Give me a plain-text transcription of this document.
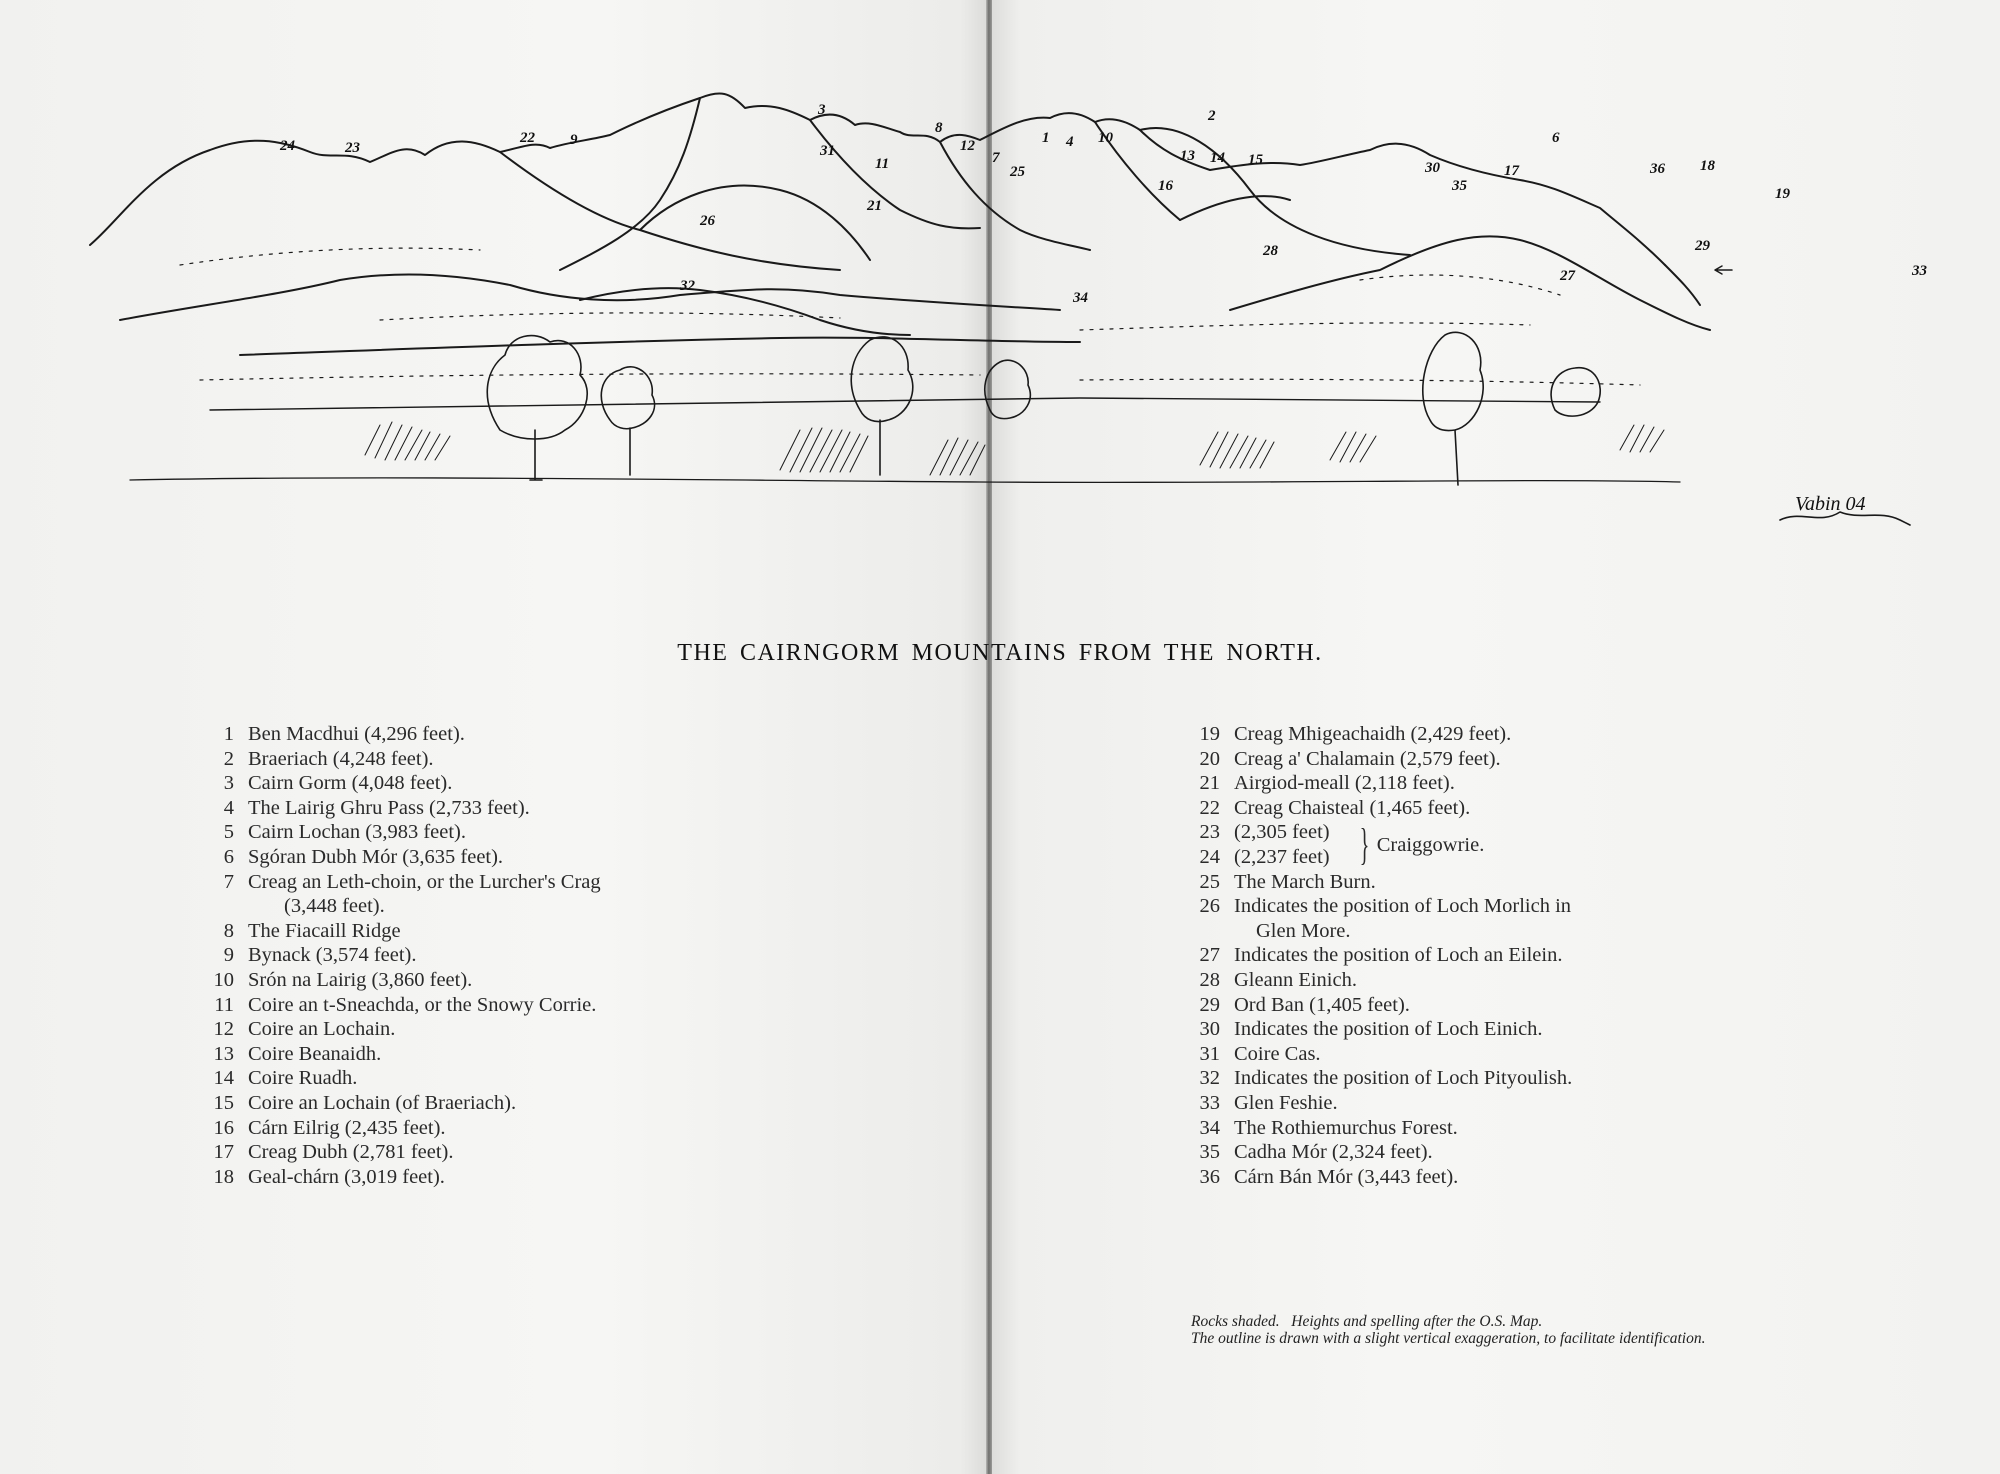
24	23
22 9
3
31
11
8
12
7
25
1 4 10
2
13 14 15
16
21
26
32
28
34
30
35
17
6
36 18
19
29
27	33
Vabin 04
THE CAIRNGORM MOUNTAINS FROM THE NORTH.
1 Ben Macdhui (4,296 feet).
2 Braeriach (4,248 feet).
3 Cairn Gorm (4,048 feet).
4 The Lairig Ghru Pass (2,733 feet).
5 Cairn Lochan (3,983 feet).
6 Sgóran Dubh Mór (3,635 feet).
7 Creag an Leth-choin, or the Lurcher's Crag
(3,448 feet).
8 The Fiacaill Ridge
9 Bynack (3,574 feet).
10 Srón na Lairig (3,860 feet).
11 Coire an t-Sneachda, or the Snowy Corrie.
12 Coire an Lochain.
13 Coire Beanaidh.
14 Coire Ruadh.
15 Coire an Lochain (of Braeriach).
16 Cárn Eilrig (2,435 feet).
17 Creag Dubh (2,781 feet).
18 Geal-chárn (3,019 feet).
19 Creag Mhigeachaidh (2,429 feet).
20 Creag a' Chalamain (2,579 feet).
21 Airgiod-meall (2,118 feet).
22 Creag Chaisteal (1,465 feet).
23 (2,305 feet)
24 (2,237 feet) } Craiggowrie.
25 The March Burn.
26 Indicates the position of Loch Morlich in
Glen More.
27 Indicates the position of Loch an Eilein.
28 Gleann Einich.
29 Ord Ban (1,405 feet).
30 Indicates the position of Loch Einich.
31 Coire Cas.
32 Indicates the position of Loch Pityoulish.
33 Glen Feshie.
34 The Rothiemurchus Forest.
35 Cadha Mór (2,324 feet).
36 Cárn Bán Mór (3,443 feet).
Rocks shaded.   Heights and spelling after the O.S. Map.
The outline is drawn with a slight vertical exaggeration, to facilitate identification.
